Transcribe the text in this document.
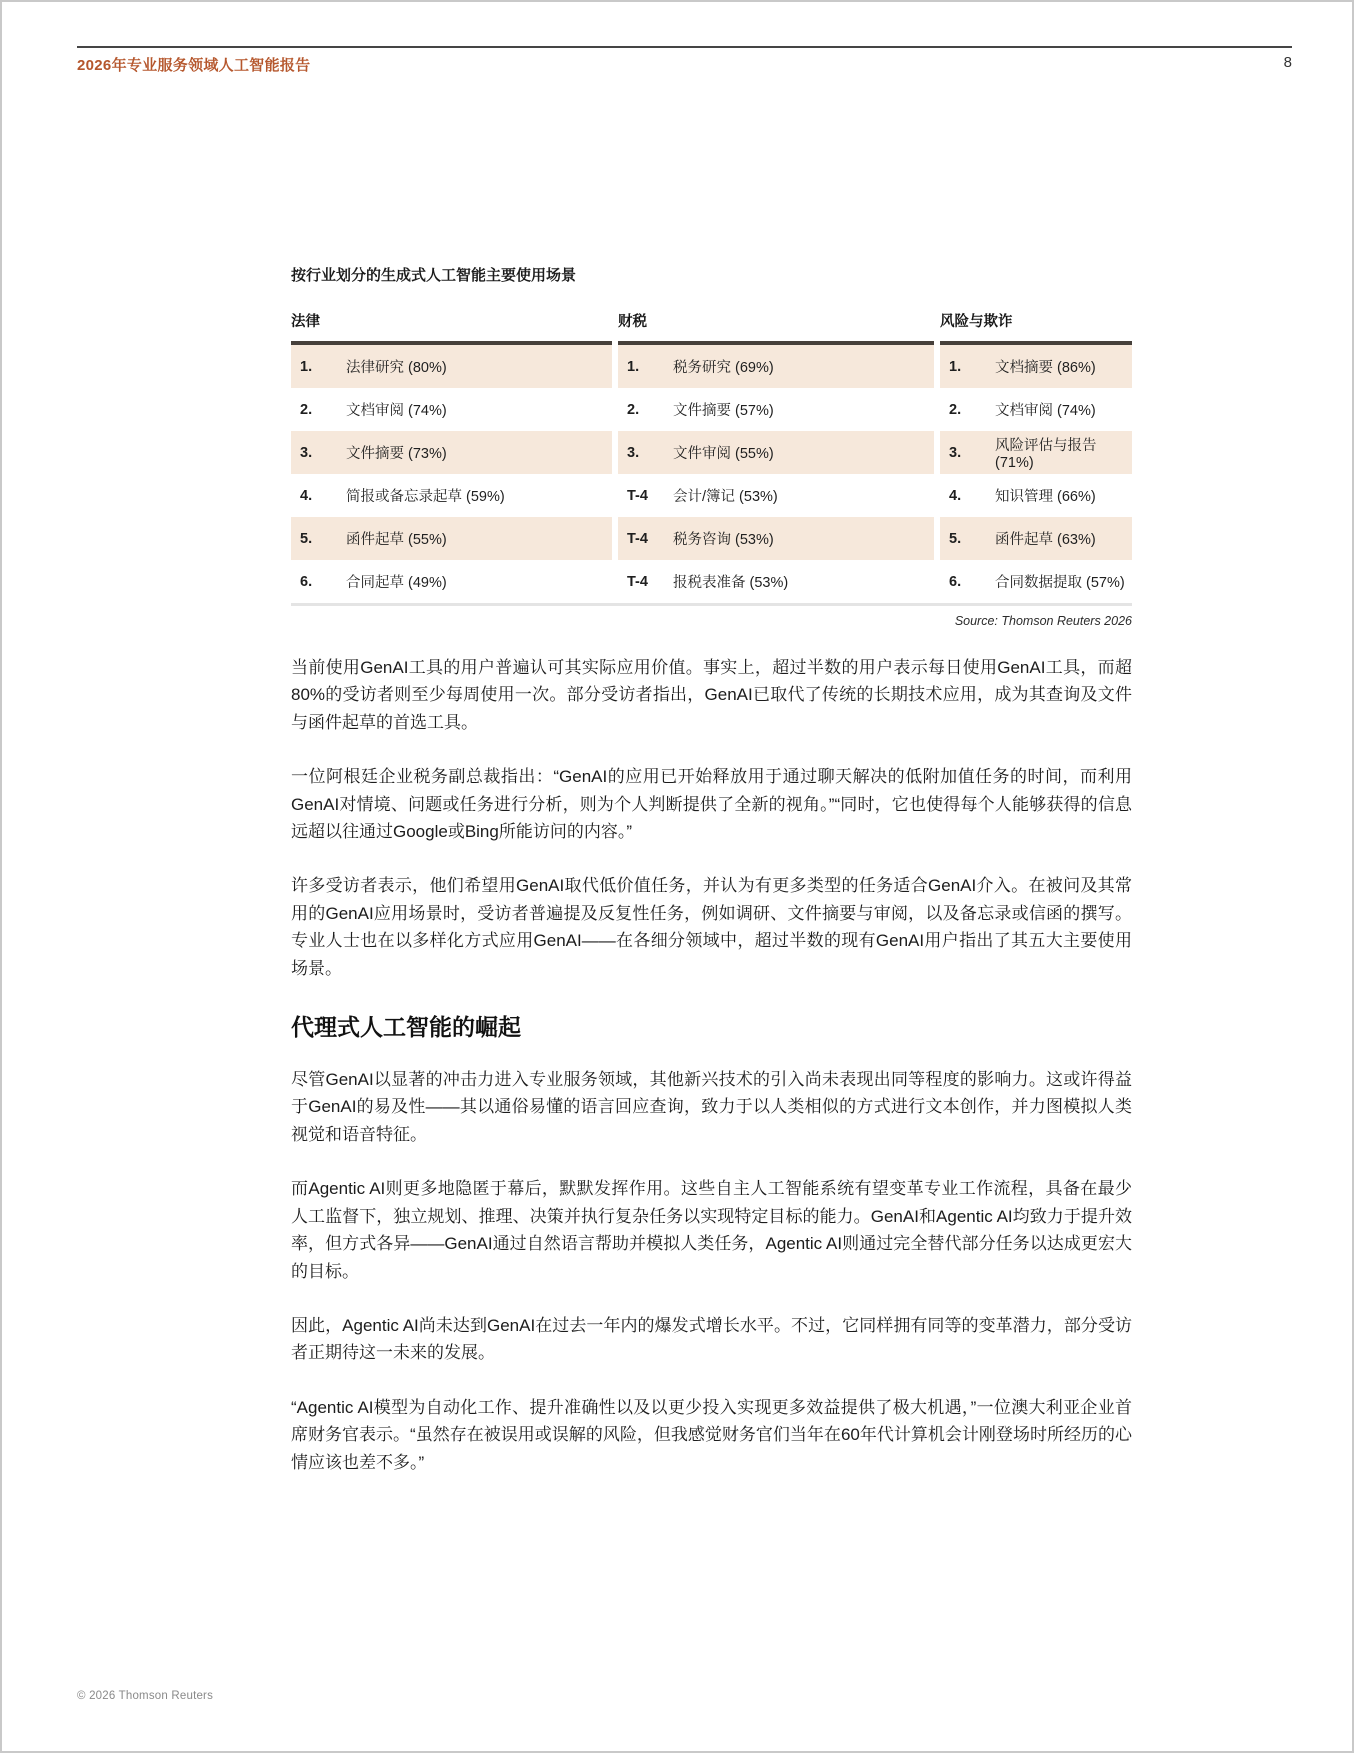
2026年专业服务领域人工智能报告	8
按行业划分的生成式人工智能主要使用场景
法律
1.	法律研究 (80%)
2.	文档审阅 (74%)
3.	文件摘要 (73%)
4.	简报或备忘录起草 (59%)
5.	函件起草 (55%)
6.	合同起草 (49%)
财税
1.	税务研究 (69%)
2.	文件摘要 (57%)
3.	文件审阅 (55%)
T-4	会计/簿记 (53%)
T-4	税务咨询 (53%)
T-4	报税表准备 (53%)
风险与欺诈
1.	文档摘要 (86%)
2.	文档审阅 (74%)
3.	风险评估与报告 (71%)
4.	知识管理 (66%)
5.	函件起草 (63%)
6.	合同数据提取 (57%)
Source: Thomson Reuters 2026

当前使用GenAI工具的用户普遍认可其实际应用价值。事实上，超过半数的用户表示每日使用GenAI工具，而超80%的受访者则至少每周使用一次。部分受访者指出，GenAI已取代了传统的长期技术应用，成为其查询及文件与函件起草的首选工具。

一位阿根廷企业税务副总裁指出：“GenAI的应用已开始释放用于通过聊天解决的低附加值任务的时间，而利用GenAI对情境、问题或任务进行分析，则为个人判断提供了全新的视角。”“同时，它也使得每个人能够获得的信息远超以往通过Google或Bing所能访问的内容。”

许多受访者表示，他们希望用GenAI取代低价值任务，并认为有更多类型的任务适合GenAI介入。在被问及其常用的GenAI应用场景时，受访者普遍提及反复性任务，例如调研、文件摘要与审阅，以及备忘录或信函的撰写。专业人士也在以多样化方式应用GenAI——在各细分领域中，超过半数的现有GenAI用户指出了其五大主要使用场景。

代理式人工智能的崛起

尽管GenAI以显著的冲击力进入专业服务领域，其他新兴技术的引入尚未表现出同等程度的影响力。这或许得益于GenAI的易及性——其以通俗易懂的语言回应查询，致力于以人类相似的方式进行文本创作，并力图模拟人类视觉和语音特征。

而Agentic AI则更多地隐匿于幕后，默默发挥作用。这些自主人工智能系统有望变革专业工作流程，具备在最少人工监督下，独立规划、推理、决策并执行复杂任务以实现特定目标的能力。GenAI和Agentic AI均致力于提升效率，但方式各异——GenAI通过自然语言帮助并模拟人类任务，Agentic AI则通过完全替代部分任务以达成更宏大的目标。

因此，Agentic AI尚未达到GenAI在过去一年内的爆发式增长水平。不过，它同样拥有同等的变革潜力，部分受访者正期待这一未来的发展。

“Agentic AI模型为自动化工作、提升准确性以及以更少投入实现更多效益提供了极大机遇，”一位澳大利亚企业首席财务官表示。“虽然存在被误用或误解的风险，但我感觉财务官们当年在60年代计算机会计刚登场时所经历的心情应该也差不多。”

© 2026 Thomson Reuters
